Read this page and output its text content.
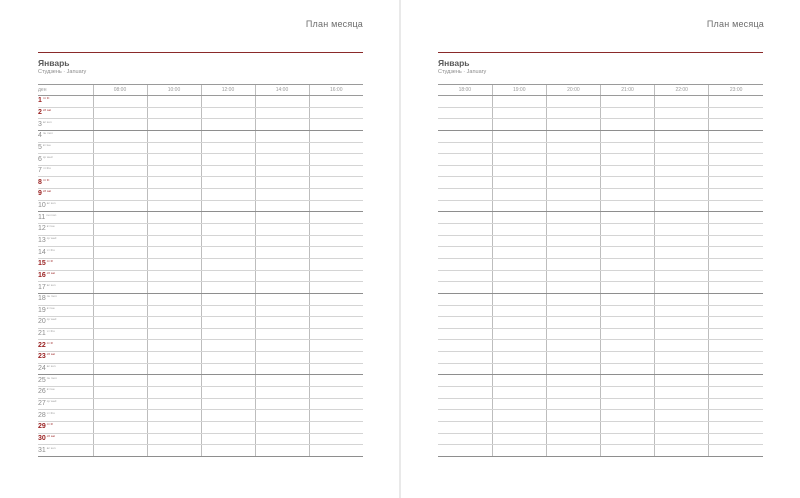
План месяца
Январь
Студзень · January
ден	08:00	10:00	12:00	14:00	16:00
1пт fri					
2сб sat					
3вс sun					
4пн mon					
5вт tue					
6ср wed					
7чт thu					
8пт fri					
9сб sat					
10вс sun					
11пн mon					
12вт tue					
13ср wed					
14чт thu					
15пт fri					
16сб sat					
17вс sun					
18пн mon					
19вт tue					
20ср wed					
21чт thu					
22пт fri					
23сб sat					
24вс sun					
25пн mon					
26вт tue					
27ср wed					
28чт thu					
29пт fri					
30сб sat					
31вс sun					
План месяца
Январь
Студзень · January
18:00	19:00	20:00	21:00	22:00	23:00
